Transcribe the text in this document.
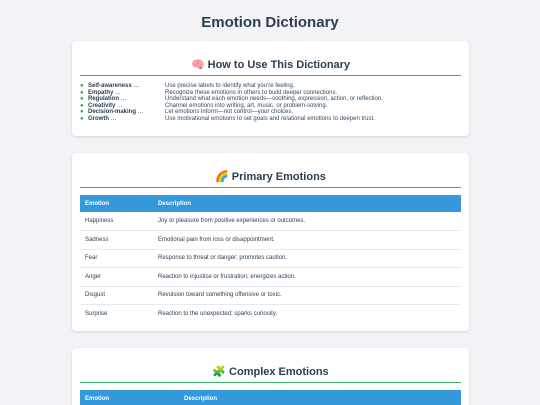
Emotion Dictionary
🧠 How to Use This Dictionary
● Self-awareness …	Use precise labels to identify what you're feeling.
● Empathy …	Recognize these emotions in others to build deeper connections.
● Regulation …	Understand what each emotion needs—soothing, expression, action, or reflection.
● Creativity …	Channel emotions into writing, art, music, or problem-solving.
● Decision-making …	Let emotions inform—not control—your choices.
● Growth …	Use motivational emotions to set goals and relational emotions to deepen trust.
🌈 Primary Emotions
Emotion	Description
Happiness	Joy or pleasure from positive experiences or outcomes.
Sadness	Emotional pain from loss or disappointment.
Fear	Response to threat or danger; promotes caution.
Anger	Reaction to injustice or frustration; energizes action.
Disgust	Revulsion toward something offensive or toxic.
Surprise	Reaction to the unexpected; sparks curiosity.
🧩 Complex Emotions
Emotion	Description
